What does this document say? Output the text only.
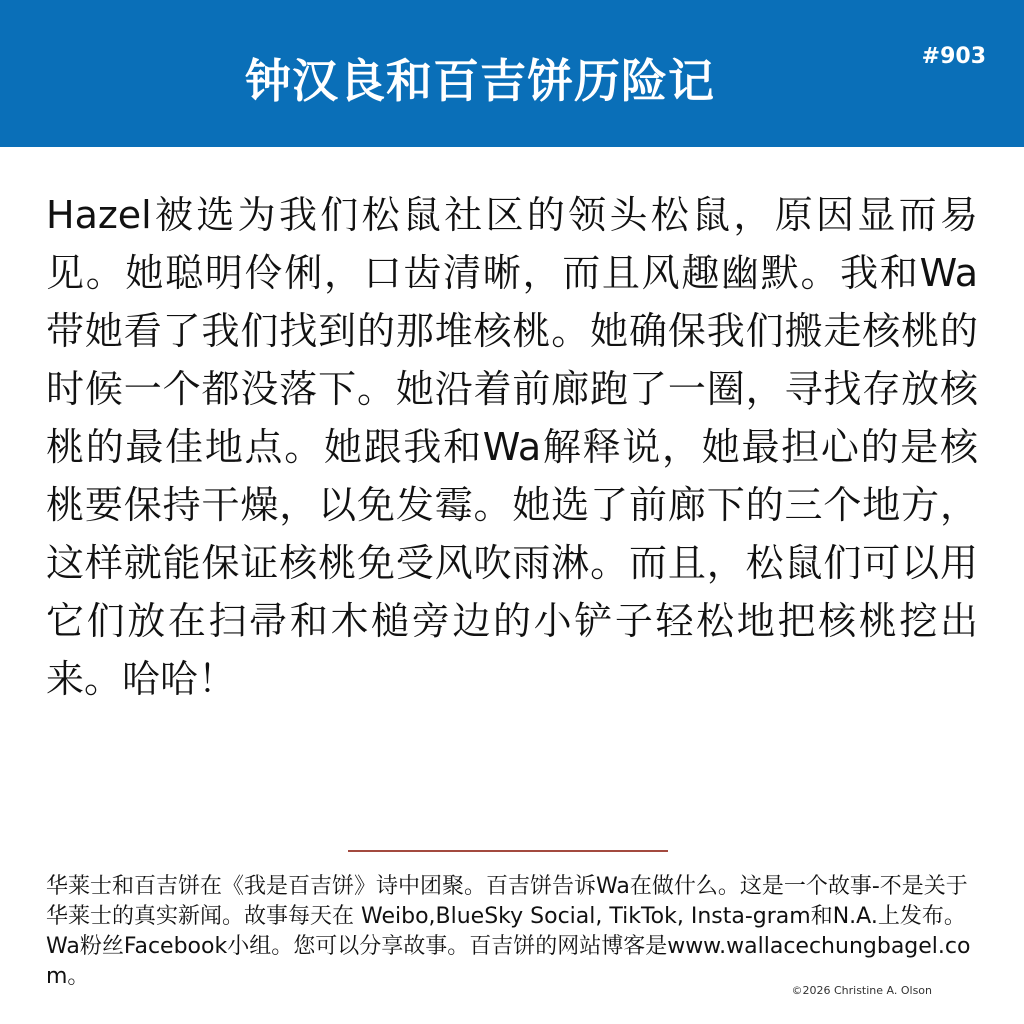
钟汉良和百吉饼历险记	#903

Hazel被选为我们松鼠社区的领头松鼠，原因显而易见。她聪明伶俐，口齿清晰，而且风趣幽默。我和Wa带她看了我们找到的那堆核桃。她确保我们搬走核桃的时候一个都没落下。她沿着前廊跑了一圈，寻找存放核桃的最佳地点。她跟我和Wa解释说，她最担心的是核桃要保持干燥，以免发霉。她选了前廊下的三个地方，这样就能保证核桃免受风吹雨淋。而且，松鼠们可以用它们放在扫帚和木槌旁边的小铲子轻松地把核桃挖出来。哈哈！

华莱士和百吉饼在《我是百吉饼》诗中团聚。百吉饼告诉Wa在做什么。这是一个故事-不是关于华莱士的真实新闻。故事每天在 Weibo,BlueSky Social, TikTok, Insta-gram和N.A.上发布。Wa粉丝Facebook小组。您可以分享故事。百吉饼的网站博客是www.wallacechungbagel.com。

©2026 Christine A. Olson
